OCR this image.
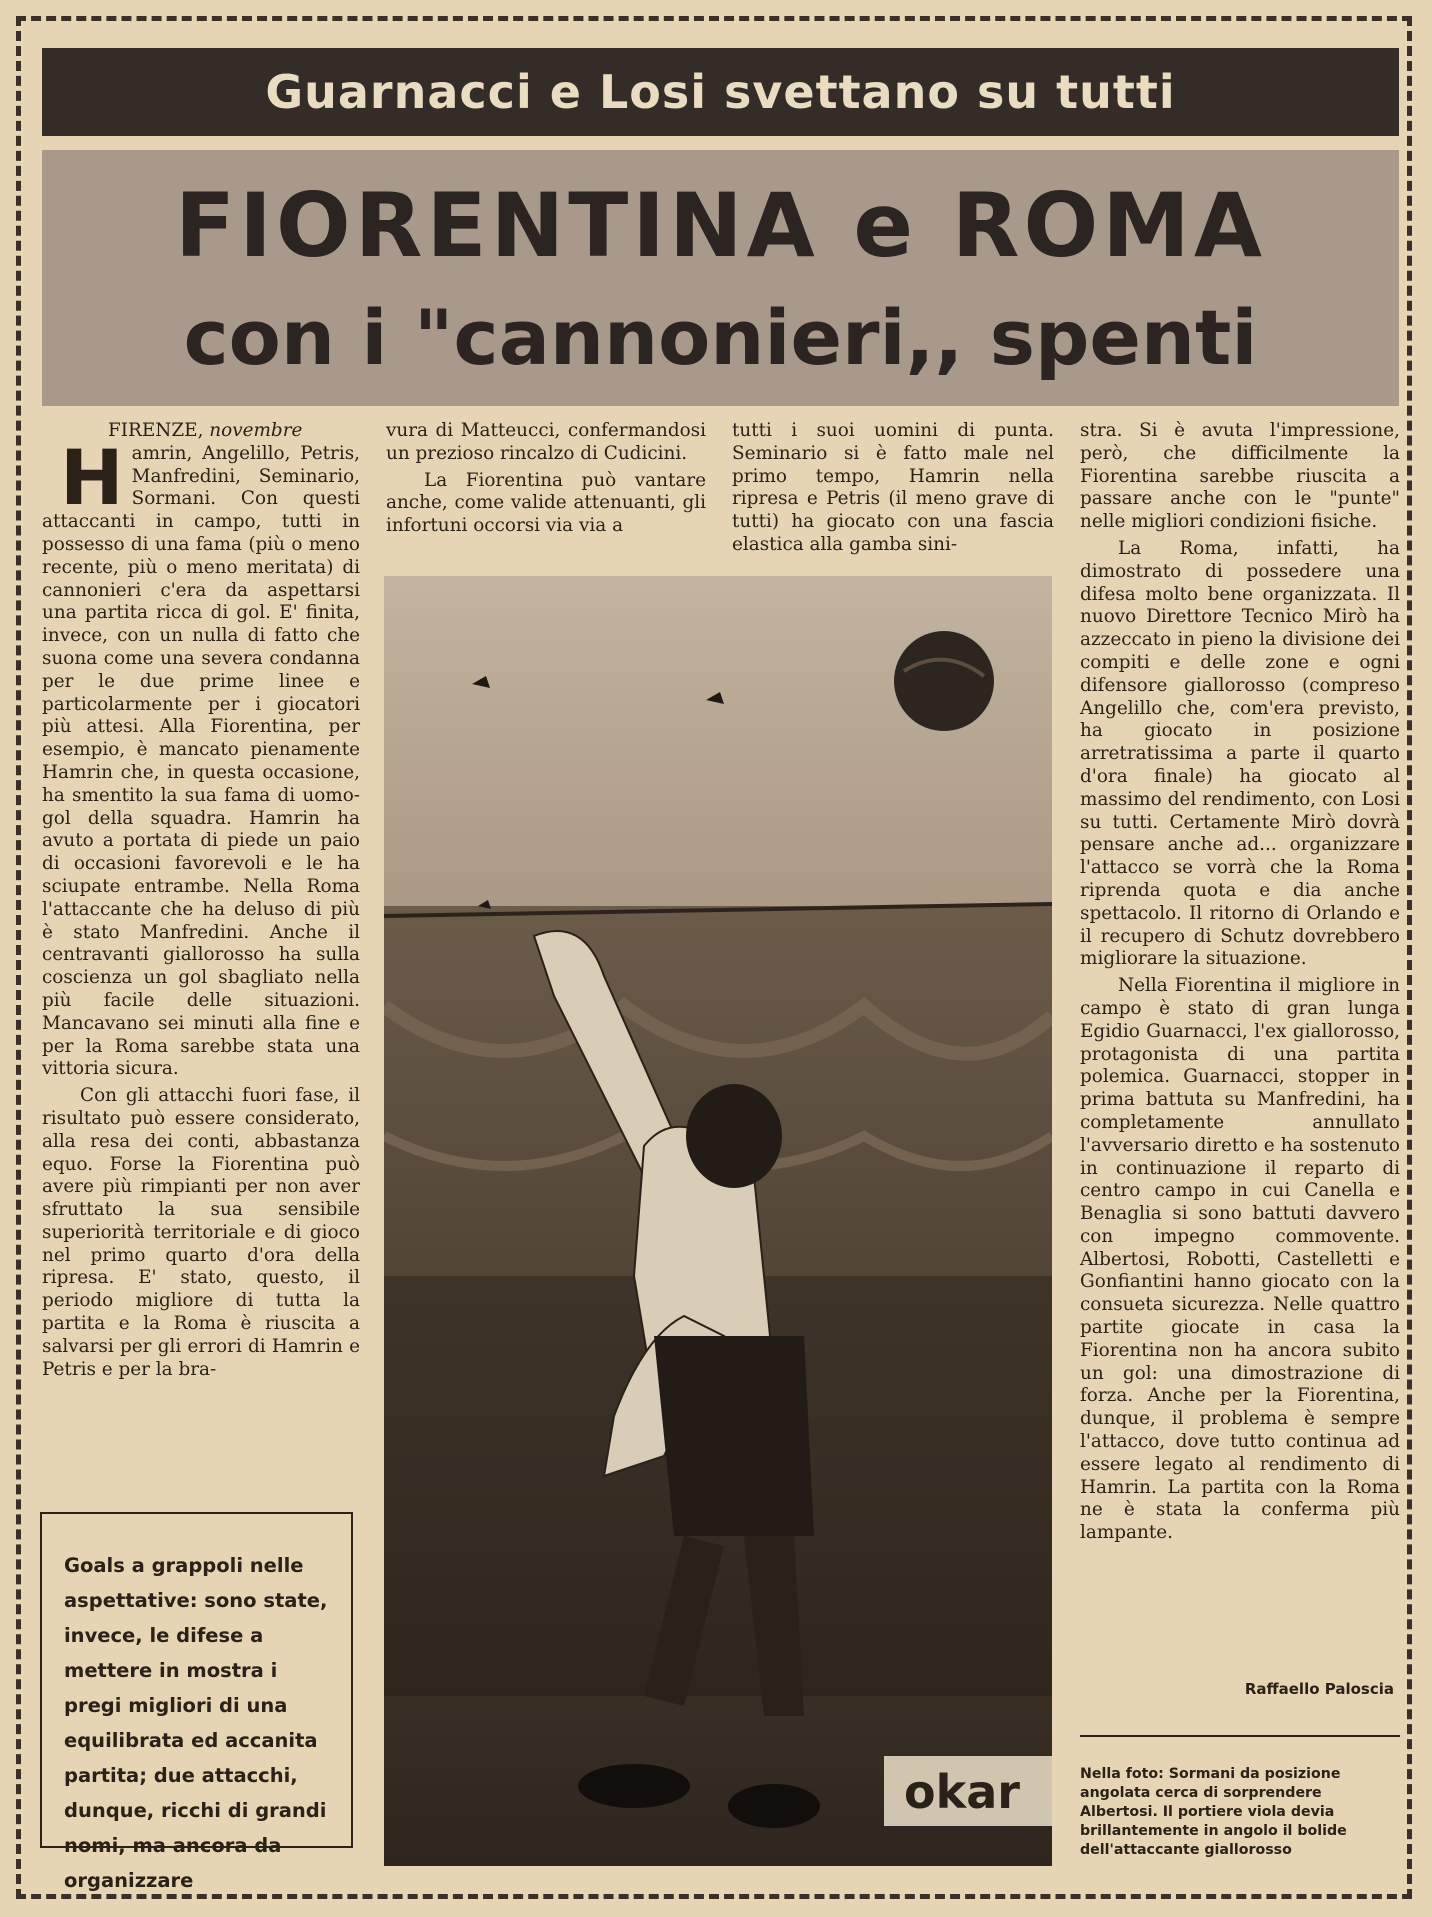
Guarnacci e Losi svettano su tutti
FIORENTINA e ROMA
con i "cannonieri,, spenti
FIRENZE, novembre

Hamrin, Angelillo, Petris, Manfredini, Seminario, Sormani. Con questi attaccanti in campo, tutti in possesso di una fama (più o meno recente, più o meno meritata) di cannonieri c'era da aspettarsi una partita ricca di gol. E' finita, invece, con un nulla di fatto che suona come una severa condanna per le due prime linee e particolarmente per i giocatori più attesi. Alla Fiorentina, per esempio, è mancato pienamente Hamrin che, in questa occasione, ha smentito la sua fama di uomo-gol della squadra. Hamrin ha avuto a portata di piede un paio di occasioni favorevoli e le ha sciupate entrambe. Nella Roma l'attaccante che ha deluso di più è stato Manfredini. Anche il centravanti giallorosso ha sulla coscienza un gol sbagliato nella più facile delle situazioni. Mancavano sei minuti alla fine e per la Roma sarebbe stata una vittoria sicura.

Con gli attacchi fuori fase, il risultato può essere considerato, alla resa dei conti, abbastanza equo. Forse la Fiorentina può avere più rimpianti per non aver sfruttato la sua sensibile superiorità territoriale e di gioco nel primo quarto d'ora della ripresa. E' stato, questo, il periodo migliore di tutta la partita e la Roma è riuscita a salvarsi per gli errori di Hamrin e Petris e per la bra-

vura di Matteucci, confermandosi un prezioso rincalzo di Cudicini.

La Fiorentina può vantare anche, come valide attenuanti, gli infortuni occorsi via via a

tutti i suoi uomini di punta. Seminario si è fatto male nel primo tempo, Hamrin nella ripresa e Petris (il meno grave di tutti) ha giocato con una fascia elastica alla gamba sini-

stra. Si è avuta l'impressione, però, che difficilmente la Fiorentina sarebbe riuscita a passare anche con le "punte" nelle migliori condizioni fisiche.

La Roma, infatti, ha dimostrato di possedere una difesa molto bene organizzata. Il nuovo Direttore Tecnico Mirò ha azzeccato in pieno la divisione dei compiti e delle zone e ogni difensore giallorosso (compreso Angelillo che, com'era previsto, ha giocato in posizione arretratissima a parte il quarto d'ora finale) ha giocato al massimo del rendimento, con Losi su tutti. Certamente Mirò dovrà pensare anche ad... organizzare l'attacco se vorrà che la Roma riprenda quota e dia anche spettacolo. Il ritorno di Orlando e il recupero di Schutz dovrebbero migliorare la situazione.

Nella Fiorentina il migliore in campo è stato di gran lunga Egidio Guarnacci, l'ex giallorosso, protagonista di una partita polemica. Guarnacci, stopper in prima battuta su Manfredini, ha completamente annullato l'avversario diretto e ha sostenuto in continuazione il reparto di centro campo in cui Canella e Benaglia si sono battuti davvero con impegno commovente. Albertosi, Robotti, Castelletti e Gonfiantini hanno giocato con la consueta sicurezza. Nelle quattro partite giocate in casa la Fiorentina non ha ancora subito un gol: una dimostrazione di forza. Anche per la Fiorentina, dunque, il problema è sempre l'attacco, dove tutto continua ad essere legato al rendimento di Hamrin. La partita con la Roma ne è stata la conferma più lampante.

okar
Goals a grappoli nelle aspettative: sono state, invece, le difese a mettere in mostra i pregi migliori di una equilibrata ed accanita partita; due attacchi, dunque, ricchi di grandi nomi, ma ancora da organizzare
Raffaello Paloscia
Nella foto: Sormani da posizione angolata cerca di sorprendere Albertosi. Il portiere viola devia brillantemente in angolo il bolide dell'attaccante giallorosso
